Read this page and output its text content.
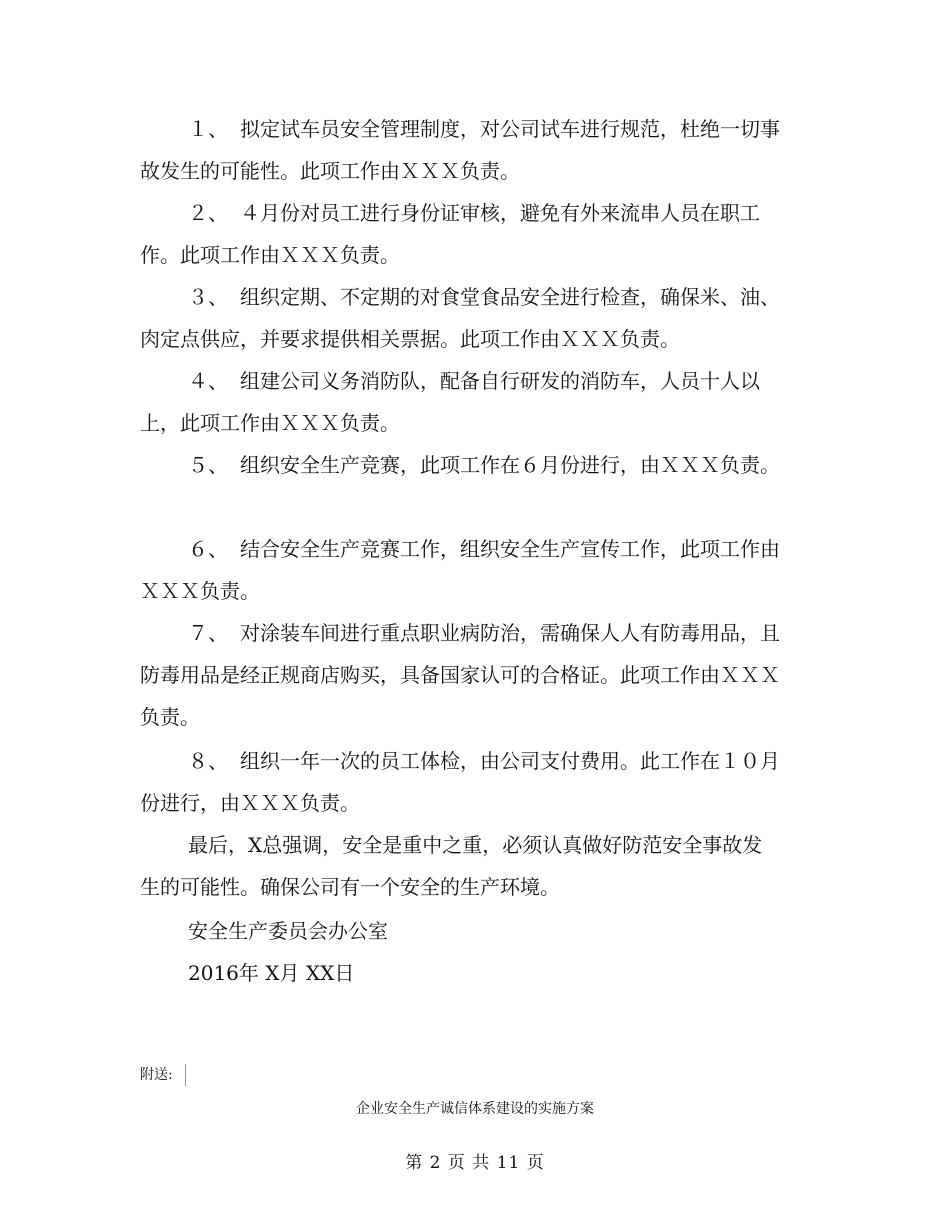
１、 拟定试车员安全管理制度，对公司试车进行规范，杜绝一切事故发生的可能性。此项工作由ＸＸＸ负责。

２、 ４月份对员工进行身份证审核，避免有外来流串人员在职工作。此项工作由ＸＸＸ负责。

３、 组织定期、不定期的对食堂食品安全进行检查，确保米、油、肉定点供应，并要求提供相关票据。此项工作由ＸＸＸ负责。

４、 组建公司义务消防队，配备自行研发的消防车，人员十人以上，此项工作由ＸＸＸ负责。

５、 组织安全生产竞赛，此项工作在６月份进行，由ＸＸＸ负责。

６、 结合安全生产竞赛工作，组织安全生产宣传工作，此项工作由ＸＸＸ负责。

７、 对涂装车间进行重点职业病防治，需确保人人有防毒用品，且防毒用品是经正规商店购买，具备国家认可的合格证。此项工作由ＸＸＸ负责。

８、 组织一年一次的员工体检，由公司支付费用。此工作在１０月份进行，由ＸＸＸ负责。

最后，X总强调，安全是重中之重，必须认真做好防范安全事故发生的可能性。确保公司有一个安全的生产环境。

安全生产委员会办公室

2016年 X月 XX日

附送:
企业安全生产诚信体系建设的实施方案
第 2 页 共 11 页
